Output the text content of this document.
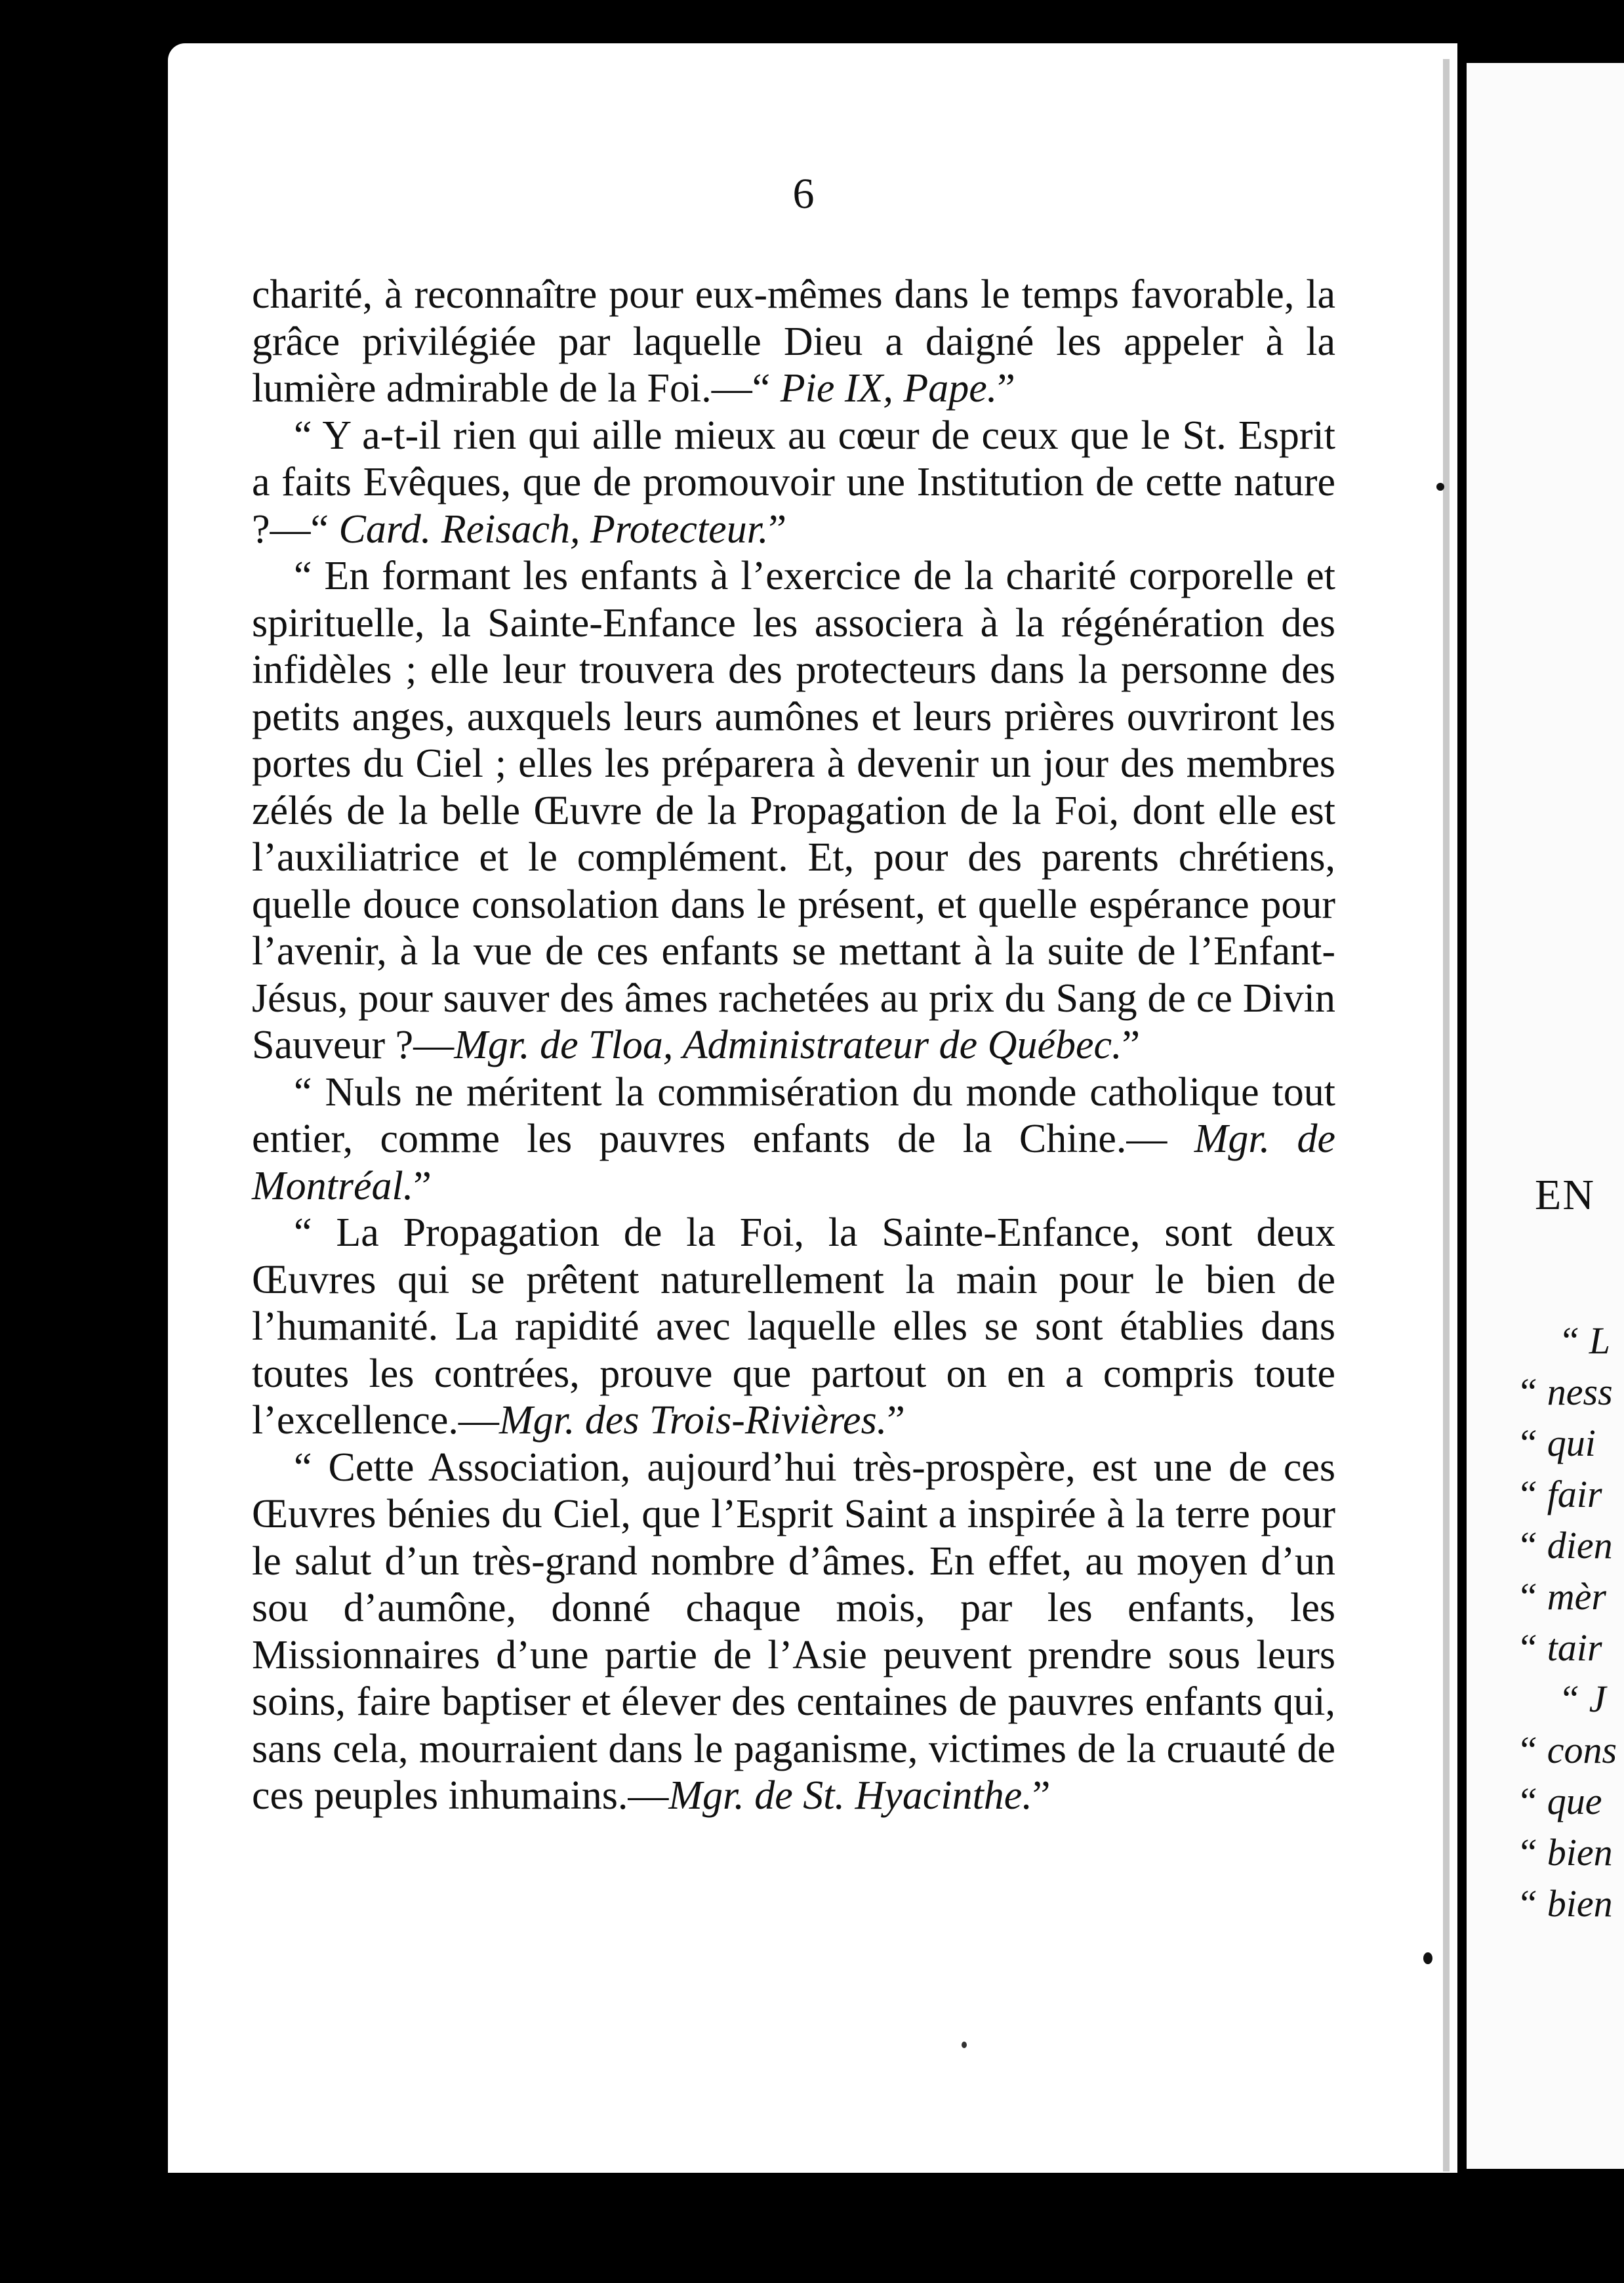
6

charité, à reconnaître pour eux-mêmes dans le temps favorable, la grâce privilégiée par laquelle Dieu a daigné les appeler à la lumière admirable de la Foi.—“ Pie IX, Pape.”

“ Y a-t-il rien qui aille mieux au cœur de ceux que le St. Esprit a faits Evêques, que de promouvoir une Institution de cette nature ?—“ Card. Reisach, Protecteur.”

“ En formant les enfants à l’exercice de la charité corporelle et spirituelle, la Sainte-Enfance les associera à la régénération des infidèles ; elle leur trouvera des protecteurs dans la personne des petits anges, auxquels leurs aumônes et leurs prières ouvriront les portes du Ciel ; elles les préparera à devenir un jour des membres zélés de la belle Œuvre de la Propagation de la Foi, dont elle est l’auxiliatrice et le complément. Et, pour des parents chrétiens, quelle douce consolation dans le présent, et quelle espérance pour l’avenir, à la vue de ces enfants se mettant à la suite de l’Enfant-Jésus, pour sauver des âmes rachetées au prix du Sang de ce Divin Sauveur ?—Mgr. de Tloa, Administrateur de Québec.”

“ Nuls ne méritent la commisération du monde catholique tout entier, comme les pauvres enfants de la Chine.— Mgr. de Montréal.”

“ La Propagation de la Foi, la Sainte-Enfance, sont deux Œuvres qui se prêtent naturellement la main pour le bien de l’humanité. La rapidité avec laquelle elles se sont établies dans toutes les contrées, prouve que partout on en a compris toute l’excellence.—Mgr. des Trois-Rivières.”

“ Cette Association, aujourd’hui très-prospère, est une de ces Œuvres bénies du Ciel, que l’Esprit Saint a inspirée à la terre pour le salut d’un très-grand nombre d’âmes. En effet, au moyen d’un sou d’aumône, donné chaque mois, par les enfants, les Missionnaires d’une partie de l’Asie peuvent prendre sous leurs soins, faire baptiser et élever des centaines de pauvres enfants qui, sans cela, mourraient dans le paganisme, victimes de la cruauté de ces peuples inhumains.—Mgr. de St. Hyacinthe.”

EN
“ L
“ ness
“ qui
“ fair
“ dien
“ mèr
“ tair
“ J
“ cons
“ que
“ bien
“ bien
